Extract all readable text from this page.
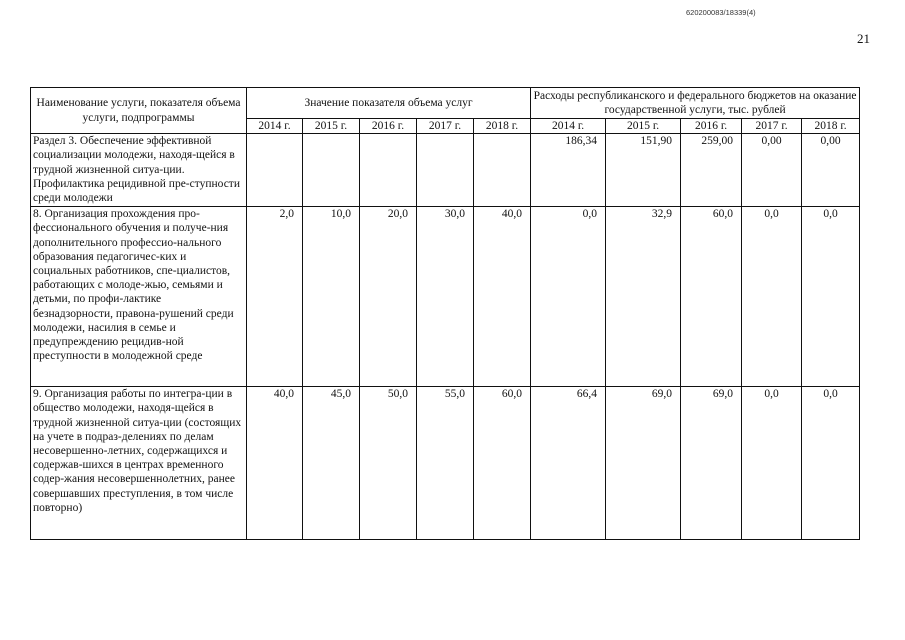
620200083/18339(4)
21
Наименование услуги, показателя объема услуги, подпрограммы	Значение показателя объема услуг					Расходы республиканского и федерального бюджетов на оказание государственной услуги, тыс. рублей				
	2014 г.	2015 г.	2016 г.	2017 г.	2018 г.	2014 г.	2015 г.	2016 г.	2017 г.	2018 г.
Раздел 3. Обеспечение эффективной социализации молодежи, находя-щейся в трудной жизненной ситуа-ции. Профилактика рецидивной пре-ступности среди молодежи						186,34	151,90	259,00	0,00	0,00
8. Организация прохождения про-фессионального обучения и получе-ния дополнительного профессио-нального образования педагогичес-ких и социальных работников, спе-циалистов, работающих с молоде-жью, семьями и детьми, по профи-лактике безнадзорности, правона-рушений среди молодежи, насилия в семье и предупреждению рецидив-ной преступности в молодежной среде	2,0	10,0	20,0	30,0	40,0	0,0	32,9	60,0	0,0	0,0
9. Организация работы по интегра-ции в общество молодежи, находя-щейся в трудной жизненной ситуа-ции (состоящих на учете в подраз-делениях по делам несовершенно-летних, содержащихся и содержав-шихся в центрах временного содер-жания несовершеннолетних, ранее совершавших преступления, в том числе повторно)	40,0	45,0	50,0	55,0	60,0	66,4	69,0	69,0	0,0	0,0
